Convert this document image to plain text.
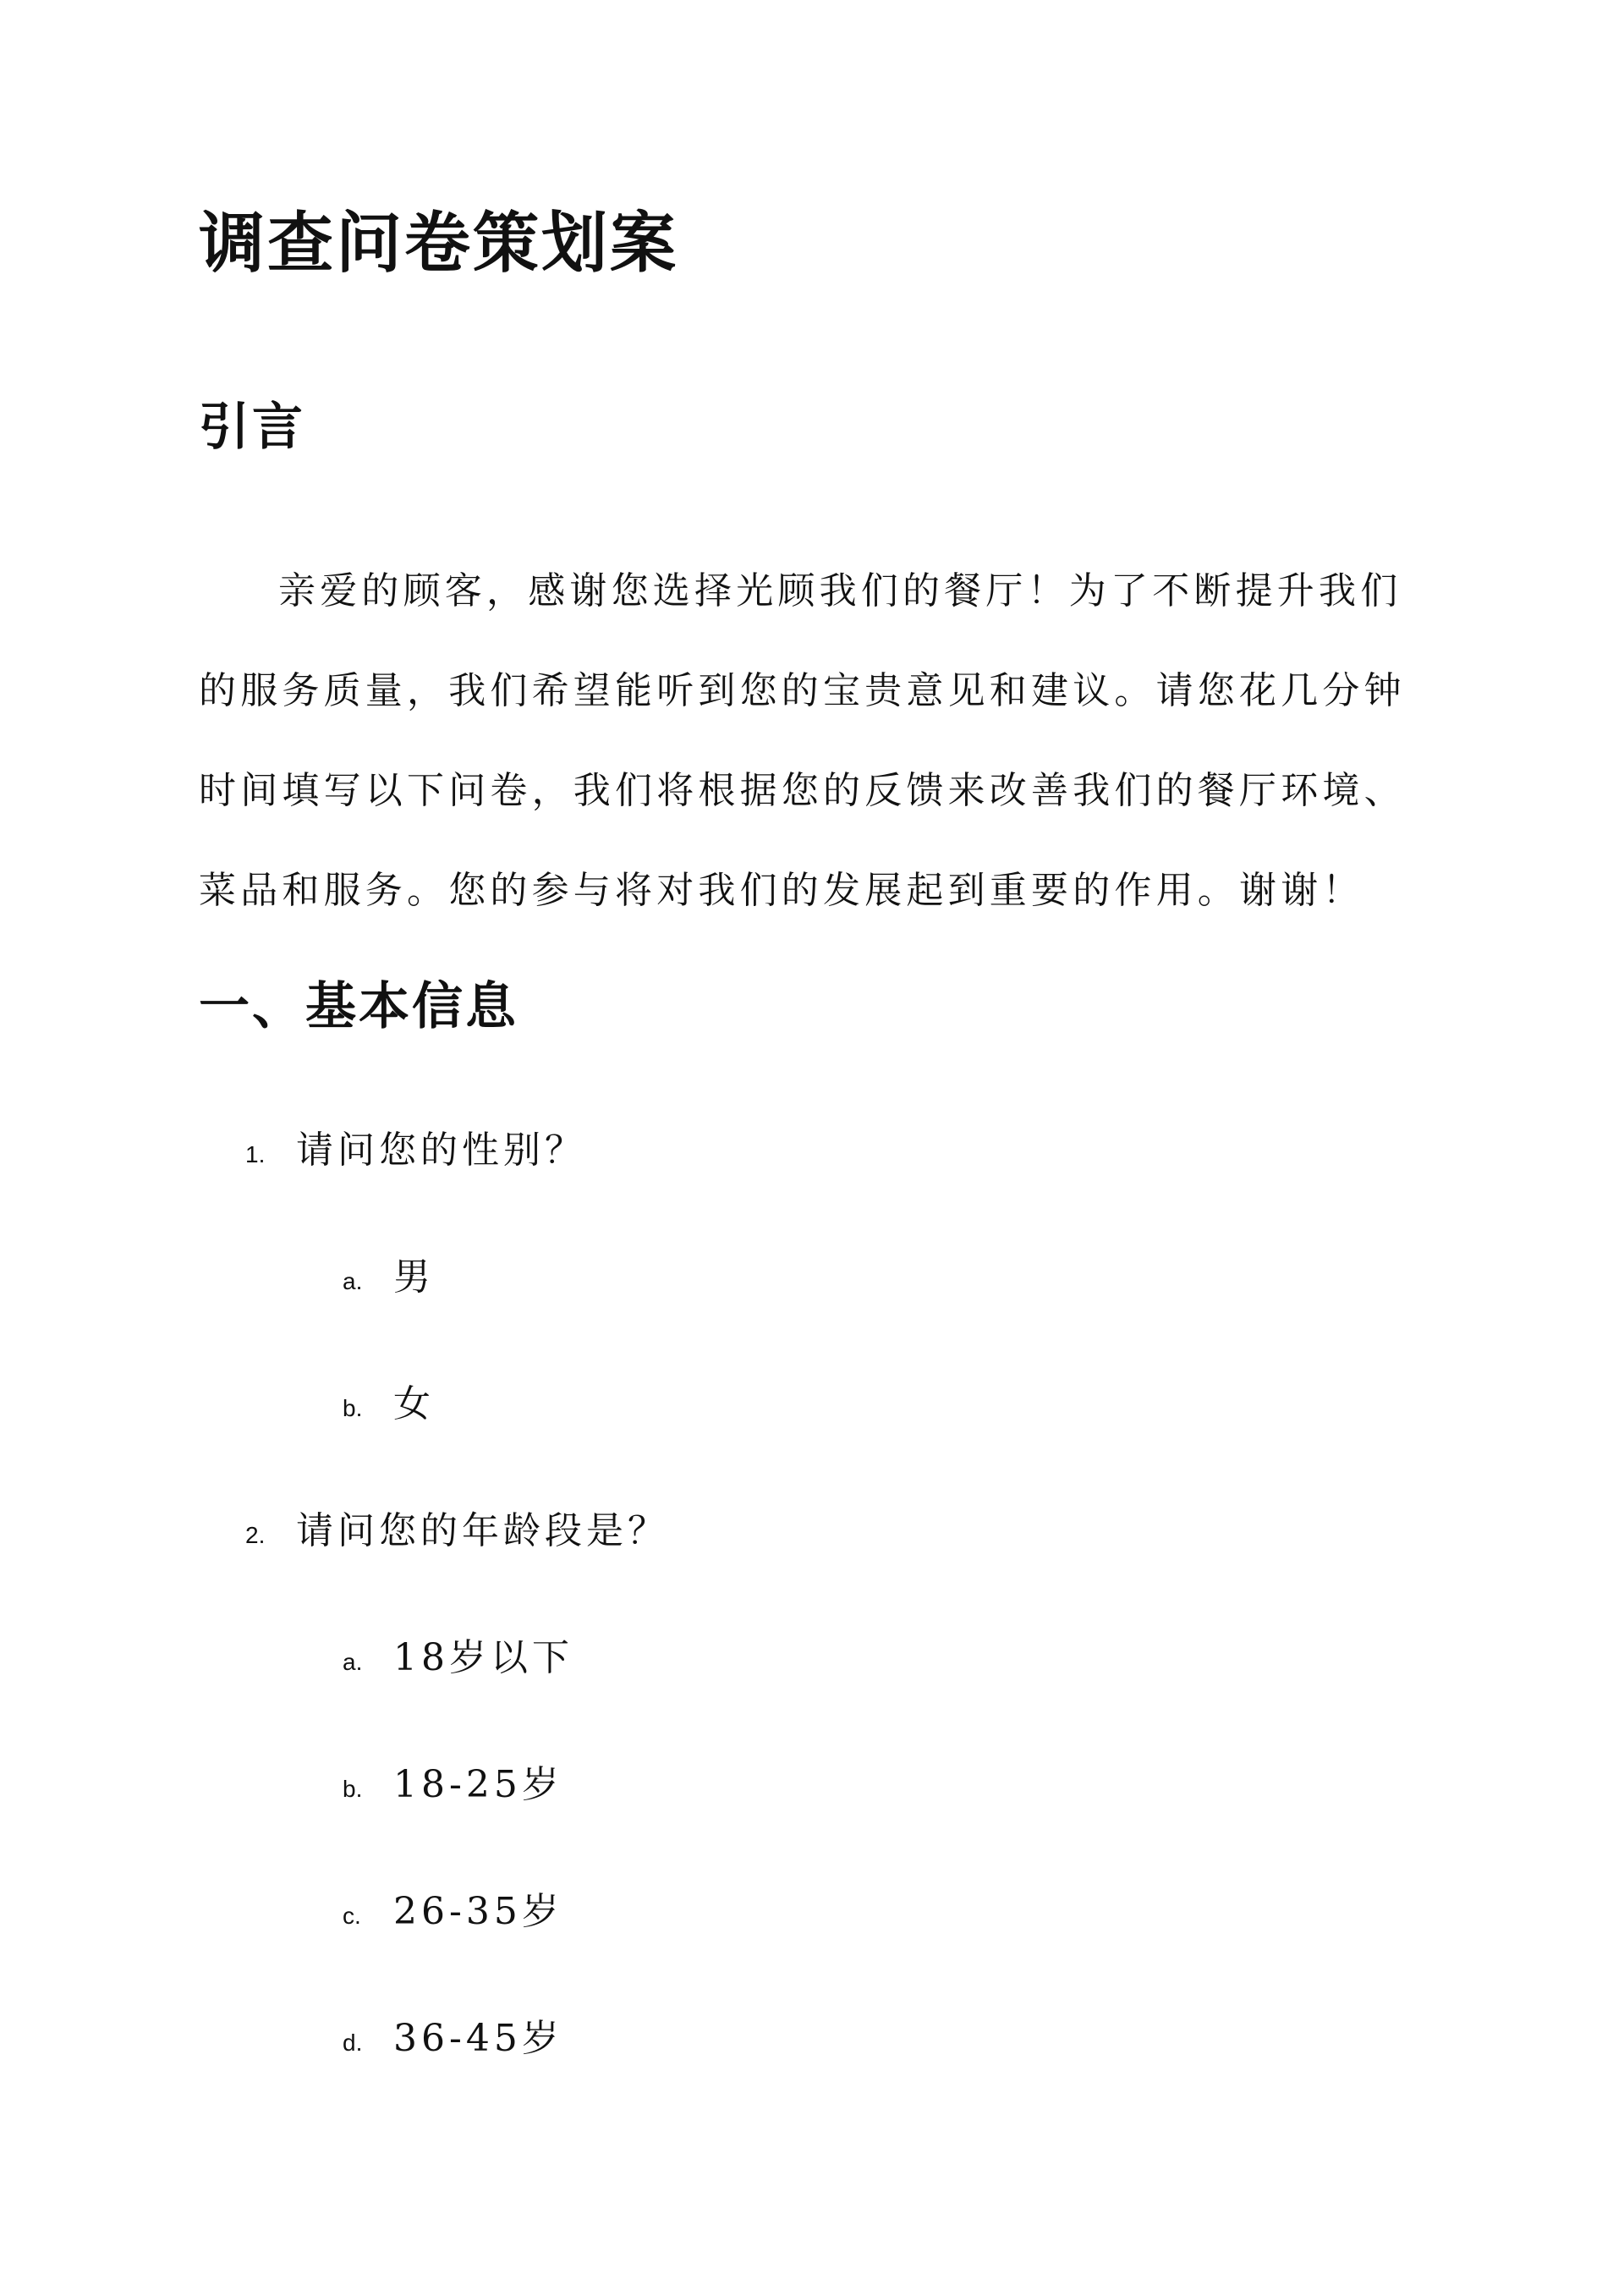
调查问卷策划案
引言

亲爱的顾客，感谢您选择光顾我们的餐厅！为了不断提升我们
的服务质量，我们希望能听到您的宝贵意见和建议。请您花几分钟
时间填写以下问卷，我们将根据您的反馈来改善我们的餐厅环境、
菜品和服务。您的参与将对我们的发展起到重要的作用。谢谢！

一、基本信息
1. 请问您的性别？
a. 男
b. 女
2. 请问您的年龄段是？
a. 18岁以下
b. 18-25岁
c. 26-35岁
d. 36-45岁
